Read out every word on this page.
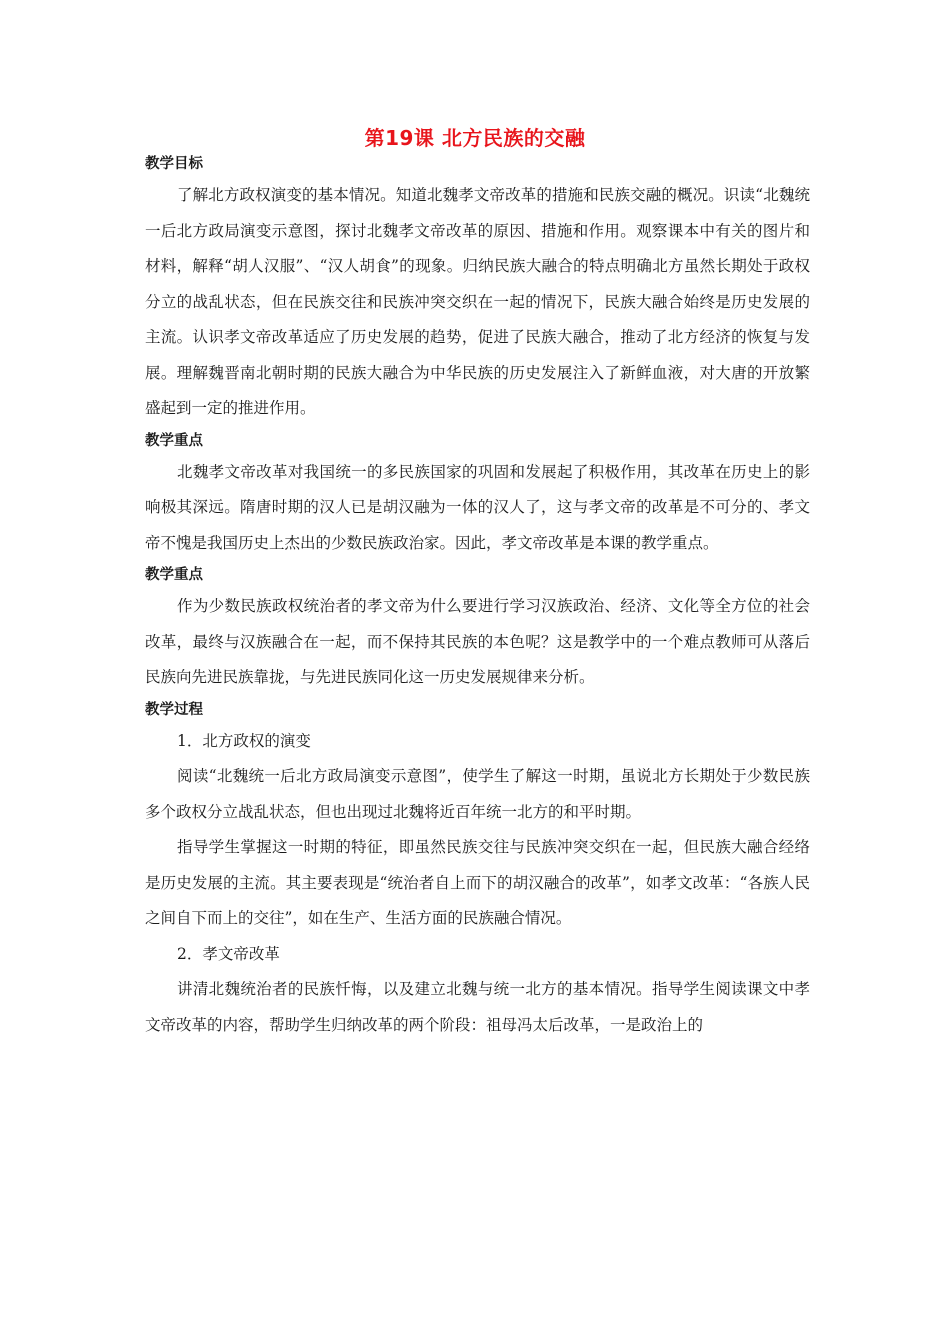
第19课 北方民族的交融
教学目标

了解北方政权演变的基本情况。知道北魏孝文帝改革的措施和民族交融的概况。识读“北魏统一后北方政局演变示意图，探讨北魏孝文帝改革的原因、措施和作用。观察课本中有关的图片和材料，解释“胡人汉服”、“汉人胡食”的现象。归纳民族大融合的特点明确北方虽然长期处于政权分立的战乱状态，但在民族交往和民族冲突交织在一起的情况下，民族大融合始终是历史发展的主流。认识孝文帝改革适应了历史发展的趋势，促进了民族大融合，推动了北方经济的恢复与发展。理解魏晋南北朝时期的民族大融合为中华民族的历史发展注入了新鲜血液，对大唐的开放繁盛起到一定的推进作用。

教学重点

北魏孝文帝改革对我国统一的多民族国家的巩固和发展起了积极作用，其改革在历史上的影响极其深远。隋唐时期的汉人已是胡汉融为一体的汉人了，这与孝文帝的改革是不可分的、孝文帝不愧是我国历史上杰出的少数民族政治家。因此，孝文帝改革是本课的教学重点。

教学重点

作为少数民族政权统治者的孝文帝为什么要进行学习汉族政治、经济、文化等全方位的社会改革，最终与汉族融合在一起，而不保持其民族的本色呢？这是教学中的一个难点教师可从落后民族向先进民族靠拢，与先进民族同化这一历史发展规律来分析。

教学过程

1．北方政权的演变

阅读“北魏统一后北方政局演变示意图”，使学生了解这一时期，虽说北方长期处于少数民族多个政权分立战乱状态，但也出现过北魏将近百年统一北方的和平时期。

指导学生掌握这一时期的特征，即虽然民族交往与民族冲突交织在一起，但民族大融合经络是历史发展的主流。其主要表现是“统治者自上而下的胡汉融合的改革”，如孝文改革：“各族人民之间自下而上的交往”，如在生产、生活方面的民族融合情况。

2．孝文帝改革

讲清北魏统治者的民族忏悔，以及建立北魏与统一北方的基本情况。指导学生阅读课文中孝文帝改革的内容，帮助学生归纳改革的两个阶段：祖母冯太后改革，一是政治上的
